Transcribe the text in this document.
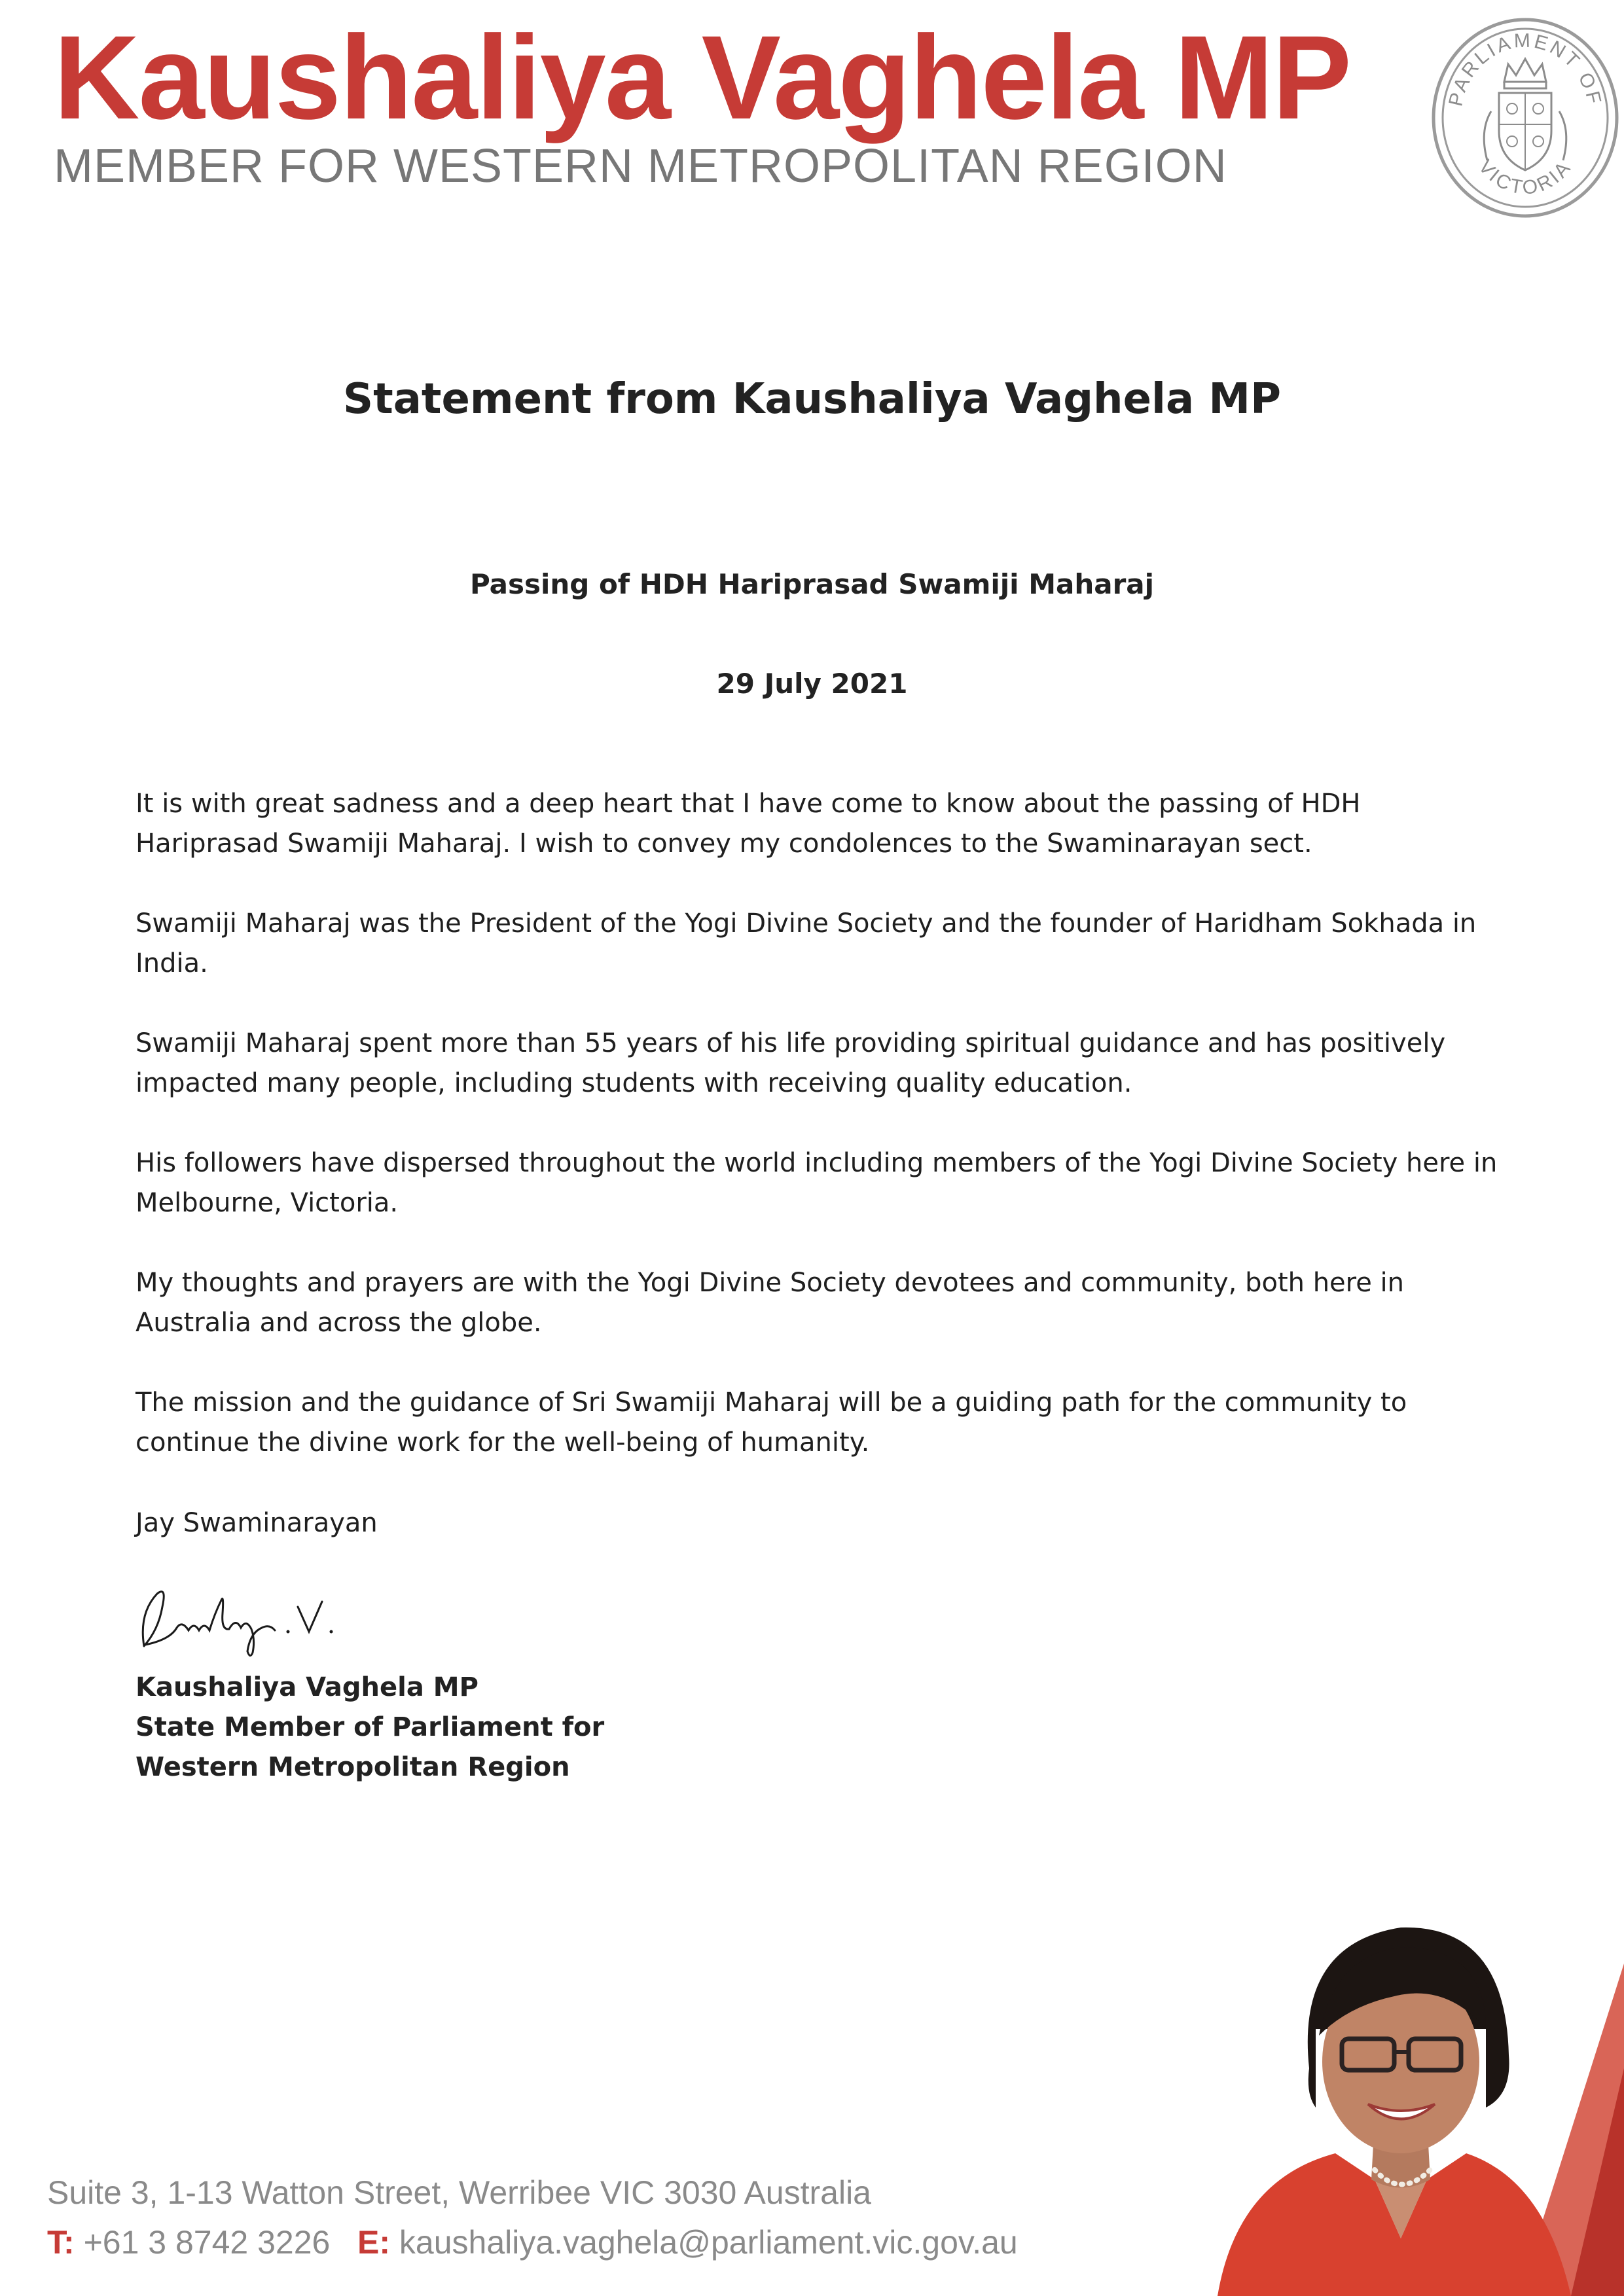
Kaushaliya Vaghela MP
MEMBER FOR WESTERN METROPOLITAN REGION
PARLIAMENT OF
VICTORIA
Statement from Kaushaliya Vaghela MP
Passing of HDH Hariprasad Swamiji Maharaj
29 July 2021

It is with great sadness and a deep heart that I have come to know about the passing of HDH Hariprasad Swamiji Maharaj. I wish to convey my condolences to the Swaminarayan sect.

Swamiji Maharaj was the President of the Yogi Divine Society and the founder of Haridham Sokhada in India.

Swamiji Maharaj spent more than 55 years of his life providing spiritual guidance and has positively impacted many people, including students with receiving quality education.

His followers have dispersed throughout the world including members of the Yogi Divine Society here in Melbourne, Victoria.

My thoughts and prayers are with the Yogi Divine Society devotees and community, both here in Australia and across the globe.

The mission and the guidance of Sri Swamiji Maharaj will be a guiding path for the community to continue the divine work for the well-being of humanity.

Jay Swaminarayan
Kaushaliya Vaghela MP
State Member of Parliament for
Western Metropolitan Region
Suite 3, 1-13 Watton Street, Werribee VIC 3030 Australia
T: +61 3 8742 3226 E: kaushaliya.vaghela@parliament.vic.gov.au
